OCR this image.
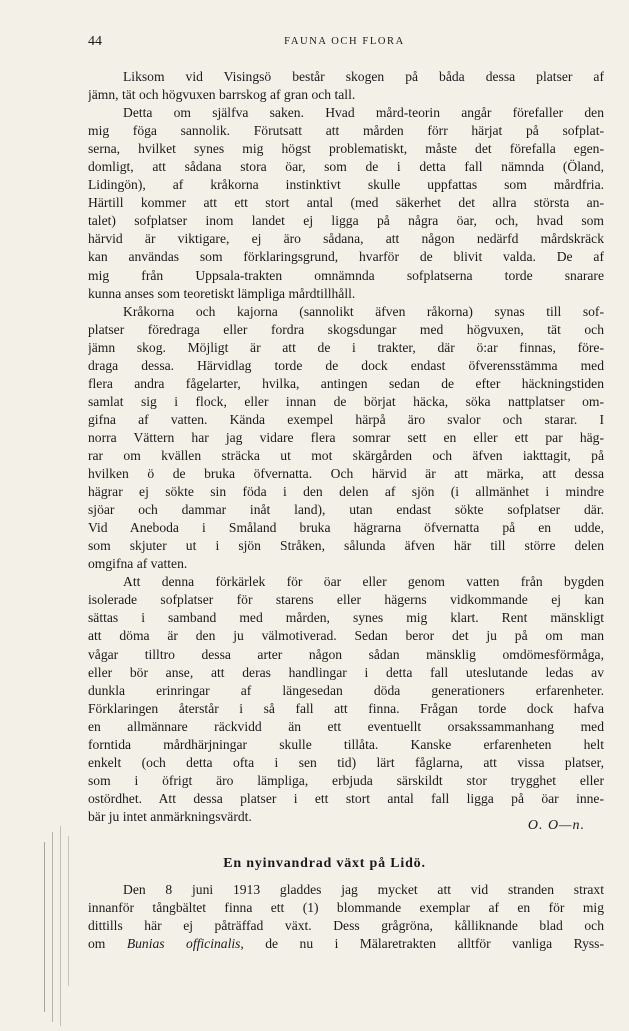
44	FAUNA OCH FLORA
Liksom vid Visingsö består skogen på båda dessa platser af
jämn, tät och högvuxen barrskog af gran och tall.
Detta om själfva saken. Hvad mård-teorin angår förefaller den
mig föga sannolik. Förutsatt att mården förr härjat på sofplat-
serna, hvilket synes mig högst problematiskt, måste det förefalla egen-
domligt, att sådana stora öar, som de i detta fall nämnda (Öland,
Lidingön), af kråkorna instinktivt skulle uppfattas som mårdfria.
Härtill kommer att ett stort antal (med säkerhet det allra största an-
talet) sofplatser inom landet ej ligga på några öar, och, hvad som
härvid är viktigare, ej äro sådana, att någon nedärfd mårdskräck
kan användas som förklaringsgrund, hvarför de blivit valda. De af
mig från Uppsala-trakten omnämnda sofplatserna torde snarare
kunna anses som teoretiskt lämpliga mårdtillhåll.
Kråkorna och kajorna (sannolikt äfven råkorna) synas till sof-
platser föredraga eller fordra skogsdungar med högvuxen, tät och
jämn skog. Möjligt är att de i trakter, där ö:ar finnas, före-
draga dessa. Härvidlag torde de dock endast öfverensstämma med
flera andra fågelarter, hvilka, antingen sedan de efter häckningstiden
samlat sig i flock, eller innan de börjat häcka, söka nattplatser om-
gifna af vatten. Kända exempel härpå äro svalor och starar. I
norra Vättern har jag vidare flera somrar sett en eller ett par häg-
rar om kvällen sträcka ut mot skärgården och äfven iakttagit, på
hvilken ö de bruka öfvernatta. Och härvid är att märka, att dessa
hägrar ej sökte sin föda i den delen af sjön (i allmänhet i mindre
sjöar och dammar inåt land), utan endast sökte sofplatser där.
Vid Aneboda i Småland bruka hägrarna öfvernatta på en udde,
som skjuter ut i sjön Stråken, sålunda äfven här till större delen
omgifna af vatten.
Att denna förkärlek för öar eller genom vatten från bygden
isolerade sofplatser för starens eller hägerns vidkommande ej kan
sättas i samband med mården, synes mig klart. Rent mänskligt
att döma är den ju välmotiverad. Sedan beror det ju på om man
vågar tilltro dessa arter någon sådan mänsklig omdömesförmåga,
eller bör anse, att deras handlingar i detta fall uteslutande ledas av
dunkla erinringar af längesedan döda generationers erfarenheter.
Förklaringen återstår i så fall att finna. Frågan torde dock hafva
en allmännare räckvidd än ett eventuellt orsakssammanhang med
forntida mårdhärjningar skulle tillåta. Kanske erfarenheten helt
enkelt (och detta ofta i sen tid) lärt fåglarna, att vissa platser,
som i öfrigt äro lämpliga, erbjuda särskildt stor trygghet eller
ostördhet. Att dessa platser i ett stort antal fall ligga på öar inne-
bär ju intet anmärkningsvärdt.
O. O—n.
En nyinvandrad växt på Lidö.
Den 8 juni 1913 gladdes jag mycket att vid stranden straxt
innanför tångbältet finna ett (1) blommande exemplar af en för mig
dittills här ej påträffad växt. Dess grågröna, kålliknande blad och
om Bunias officinalis, de nu i Mälaretrakten alltför vanliga Ryss-
